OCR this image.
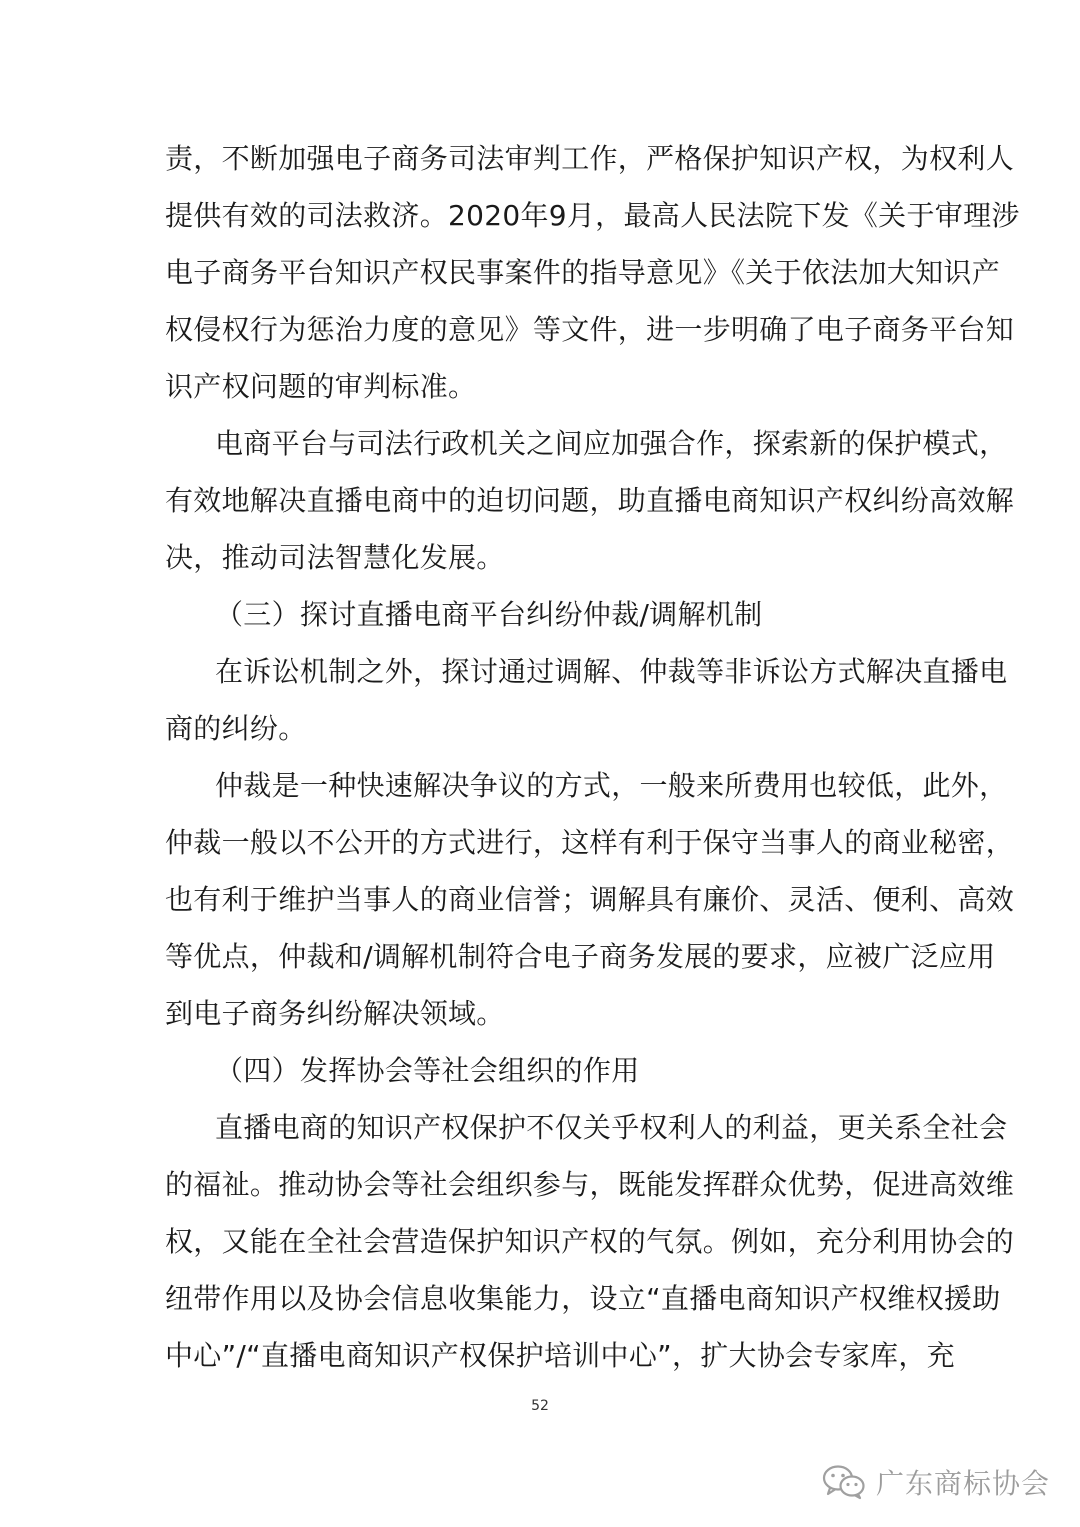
责，不断加强电子商务司法审判工作，严格保护知识产权，为权利人
提供有效的司法救济。2020年9月，最高人民法院下发《关于审理涉
电子商务平台知识产权民事案件的指导意见》《关于依法加大知识产
权侵权行为惩治力度的意见》等文件，进一步明确了电子商务平台知
识产权问题的审判标准。
电商平台与司法行政机关之间应加强合作，探索新的保护模式，
有效地解决直播电商中的迫切问题，助直播电商知识产权纠纷高效解
决，推动司法智慧化发展。
（三）探讨直播电商平台纠纷仲裁/调解机制
在诉讼机制之外，探讨通过调解、仲裁等非诉讼方式解决直播电
商的纠纷。
仲裁是一种快速解决争议的方式，一般来所费用也较低，此外，
仲裁一般以不公开的方式进行，这样有利于保守当事人的商业秘密，
也有利于维护当事人的商业信誉；调解具有廉价、灵活、便利、高效
等优点，仲裁和/调解机制符合电子商务发展的要求，应被广泛应用
到电子商务纠纷解决领域。
（四）发挥协会等社会组织的作用
直播电商的知识产权保护不仅关乎权利人的利益，更关系全社会
的福祉。推动协会等社会组织参与，既能发挥群众优势，促进高效维
权，又能在全社会营造保护知识产权的气氛。例如，充分利用协会的
纽带作用以及协会信息收集能力，设立“直播电商知识产权维权援助
中心”/“直播电商知识产权保护培训中心”，扩大协会专家库，充
52
广东商标协会
